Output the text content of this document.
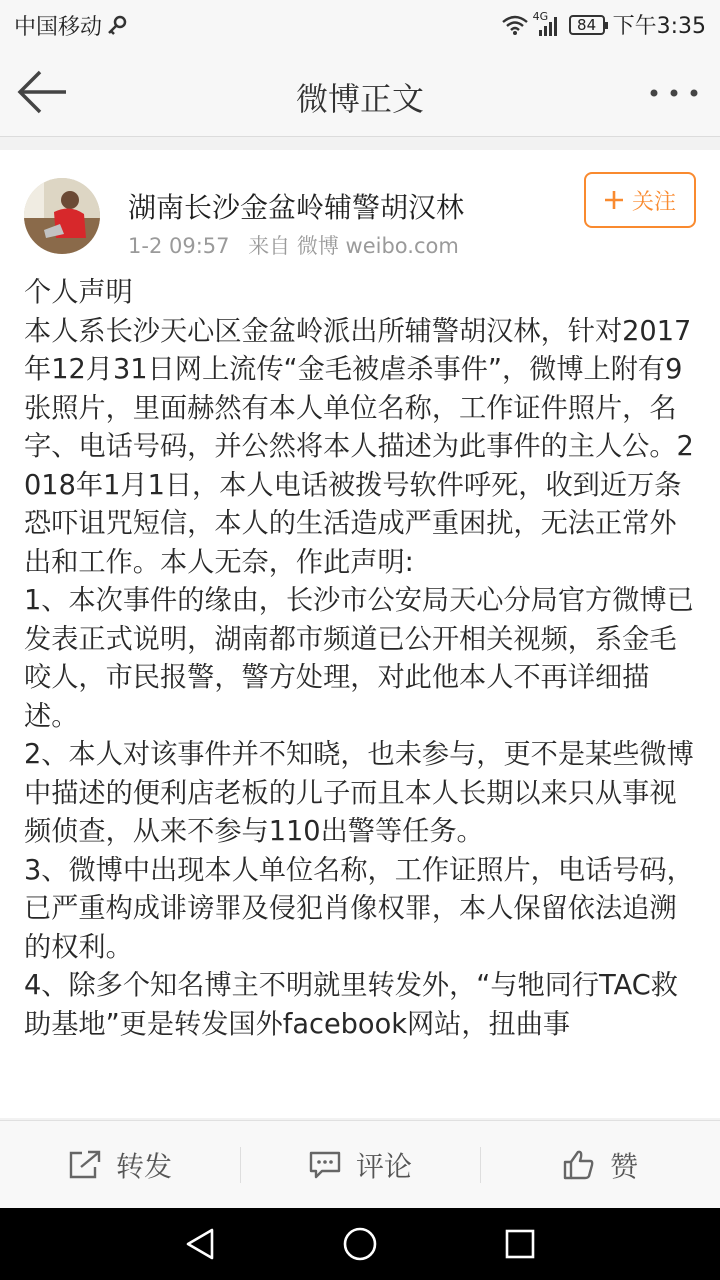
中国移动	4G 84 下午3:35
微博正文
湖南长沙金盆岭辅警胡汉林
1-2 09:57 来自 微博 weibo.com
关注
个人声明
本人系长沙天心区金盆岭派出所辅警胡汉林，针对2017年12月31日网上流传“金毛被虐杀事件”，微博上附有9张照片，里面赫然有本人单位名称，工作证件照片，名字、电话号码，并公然将本人描述为此事件的主人公。2018年1月1日，本人电话被拨号软件呼死，收到近万条恐吓诅咒短信，本人的生活造成严重困扰，无法正常外出和工作。本人无奈，作此声明:
1、本次事件的缘由，长沙市公安局天心分局官方微博已发表正式说明，湖南都市频道已公开相关视频，系金毛咬人，市民报警，警方处理，对此他本人不再详细描述。
2、本人对该事件并不知晓，也未参与，更不是某些微博中描述的便利店老板的儿子而且本人长期以来只从事视频侦查，从来不参与110出警等任务。
3、微博中出现本人单位名称，工作证照片，电话号码，已严重构成诽谤罪及侵犯肖像权罪，本人保留依法追溯的权利。
4、除多个知名博主不明就里转发外，“与牠同行TAC救助基地”更是转发国外facebook网站，扭曲事
转发	评论	赞
